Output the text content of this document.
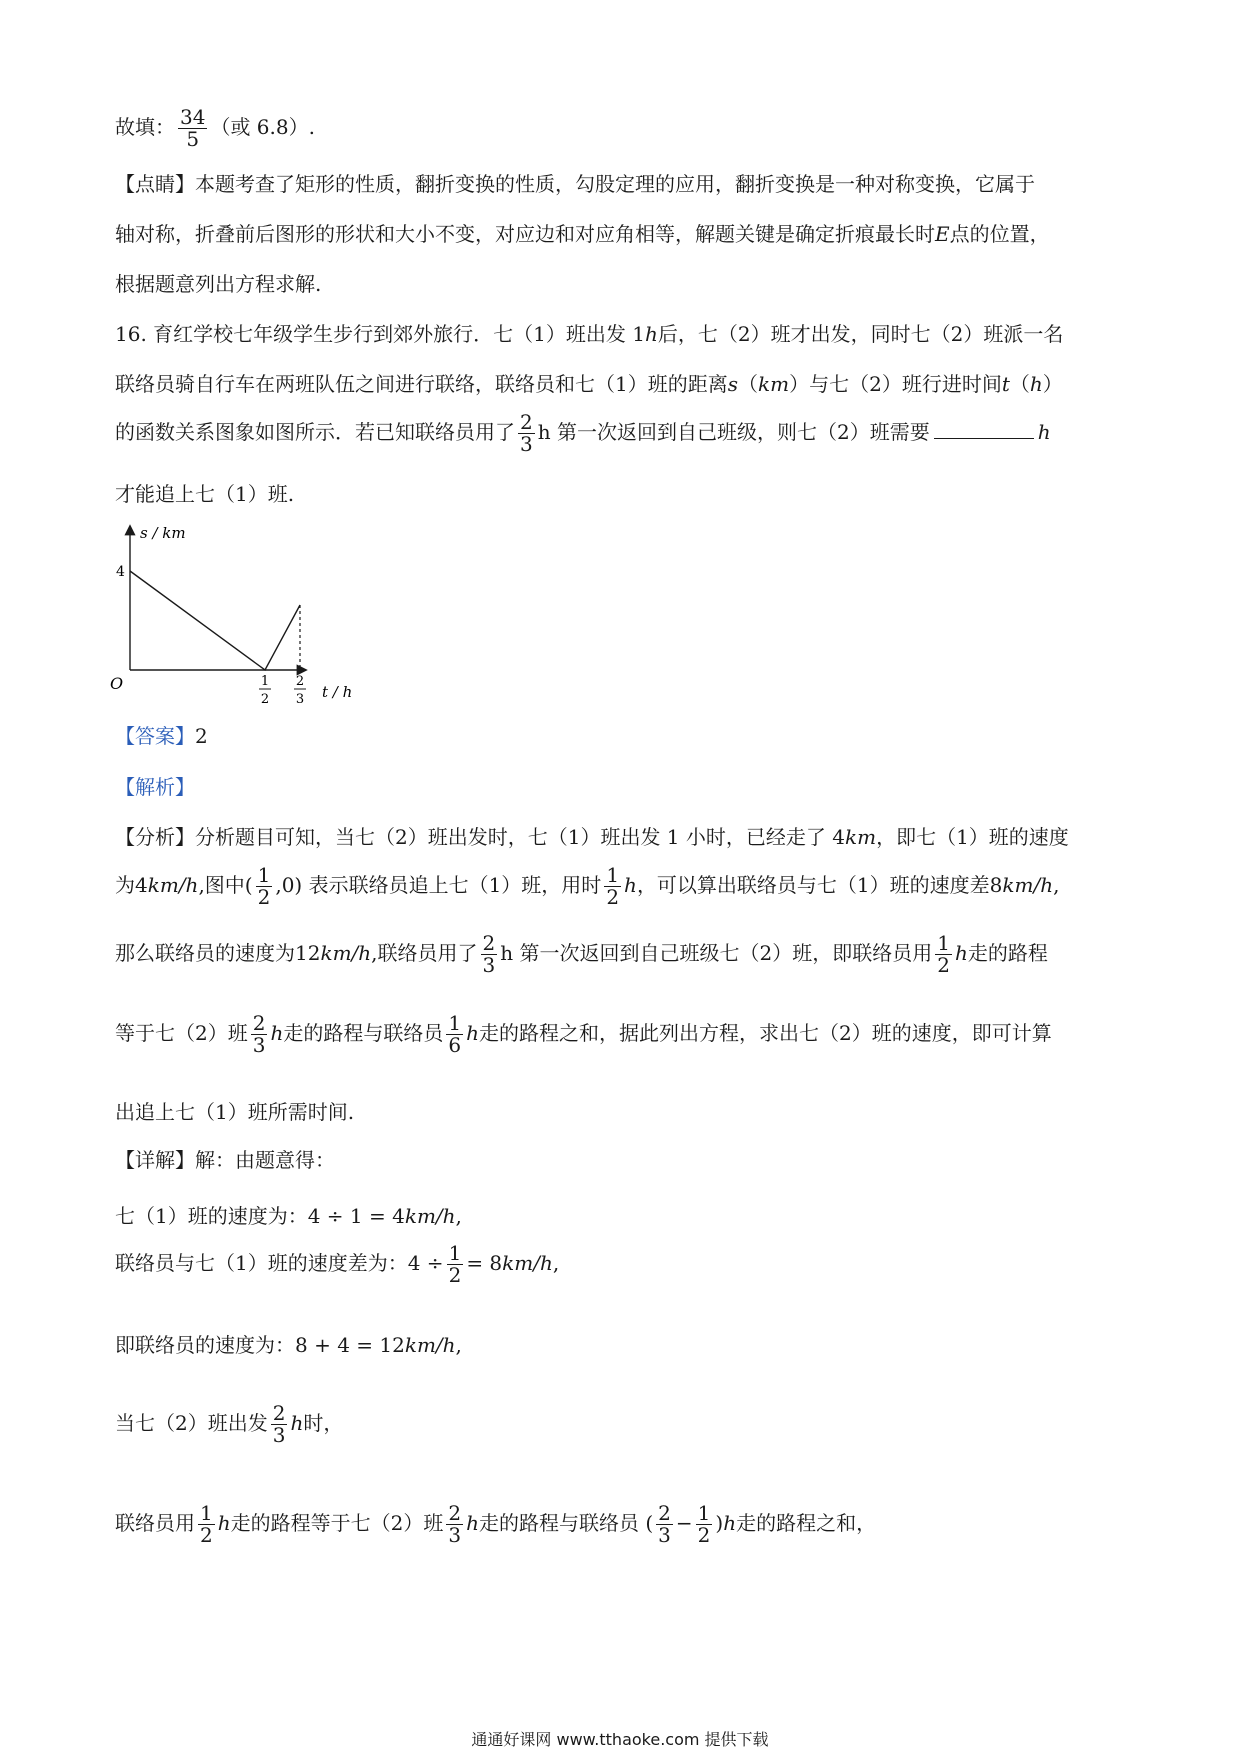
故填： $\frac{34}{5}$ （或 6.8）.
【点睛】本题考查了矩形的性质，翻折变换的性质，勾股定理的应用，翻折变换是一种对称变换，它属于
轴对称，折叠前后图形的形状和大小不变，对应边和对应角相等，解题关键是确定折痕最长时E点的位置，
根据题意列出方程求解.
16. 育红学校七年级学生步行到郊外旅行．七（1）班出发 1h后，七（2）班才出发，同时七（2）班派一名
联络员骑自行车在两班队伍之间进行联络，联络员和七（1）班的距离s（km）与七（2）班行进时间t（h）
的函数关系图象如图所示．若已知联络员用了 $\frac{2}{3}$ h 第一次返回到自己班级，则七（2）班需要	h
才能追上七（1）班.
s / km
4
O	1
2
2
3 t / h
【答案】2
【解析】
【分析】分析题目可知，当七（2）班出发时，七（1）班出发 1 小时，已经走了 4km，即七（1）班的速度
为4km/h,图中( $\frac{1}{2} ,0$) 表示联络员追上七（1）班，用时 $\frac{1}{2}$ h，可以算出联络员与七（1）班的速度差8km/h,
那么联络员的速度为12km/h,联络员用了 $\frac{2}{3}$ h 第一次返回到自己班级七（2）班，即联络员用 $\frac{1}{2}$ h走的路程
等于七（2）班 $\frac{2}{3}$ h走的路程与联络员 $\frac{1}{6}$ h走的路程之和，据此列出方程，求出七（2）班的速度，即可计算
出追上七（1）班所需时间.
【详解】解：由题意得：
七（1）班的速度为：4 ÷ 1 = 4km/h,
联络员与七（1）班的速度差为：$4 \div \frac{1}{2} = 8km/h$,
即联络员的速度为：8 + 4 = 12km/h,
当七（2）班出发 $\frac{2}{3}$ h时，
联络员用 $\frac{1}{2}$ h走的路程等于七（2）班 $\frac{2}{3}$ h走的路程与联络员 ( $\frac{2}{3} - \frac{1}{2} )h$走的路程之和，
通通好课网 www.tthaoke.com 提供下载
